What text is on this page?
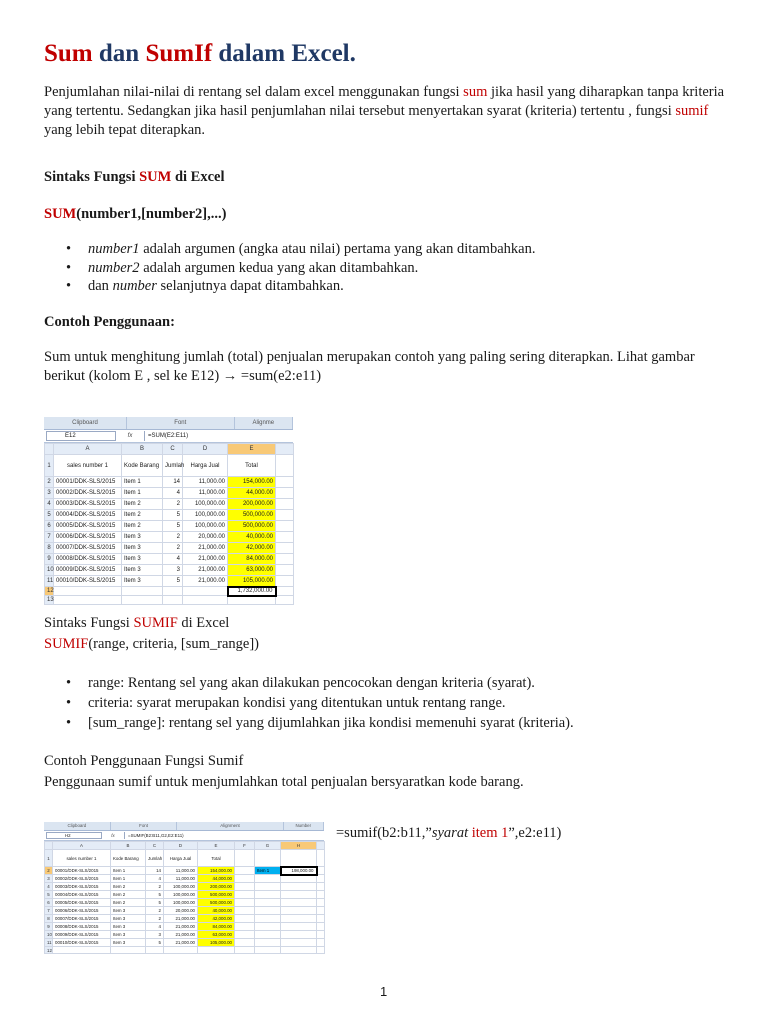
Sum dan SumIf dalam Excel.
Penjumlahan nilai-nilai di rentang sel dalam excel menggunakan fungsi sum jika hasil yang diharapkan tanpa kriteria yang tertentu. Sedangkan jika hasil penjumlahan nilai tersebut menyertakan syarat (kriteria) tertentu , fungsi sumif yang lebih tepat diterapkan.
Sintaks Fungsi SUM di Excel
SUM(number1,[number2],...)
• number1 adalah argumen (angka atau nilai) pertama yang akan ditambahkan.
• number2 adalah argumen kedua yang akan ditambahkan.
• dan number selanjutnya dapat ditambahkan.
Contoh Penggunaan:
Sum untuk menghitung jumlah (total) penjualan merupakan contoh yang paling sering diterapkan. Lihat gambar berikut (kolom E , sel ke E12) → =sum(e2:e11)
Clipboard	Font	Alignme
E12	fx	=SUM(E2:E11)
	A	B	C	D	E	
1	sales number 1	Kode Barang	Jumlah	Harga Jual	Total	
2	00001/DDK-SLS/2015	Item 1	14	11,000.00	154,000.00	
3	00002/DDK-SLS/2015	Item 1	4	11,000.00	44,000.00	
4	00003/DDK-SLS/2015	Item 2	2	100,000.00	200,000.00	
5	00004/DDK-SLS/2015	Item 2	5	100,000.00	500,000.00	
6	00005/DDK-SLS/2015	Item 2	5	100,000.00	500,000.00	
7	00006/DDK-SLS/2015	Item 3	2	20,000.00	40,000.00	
8	00007/DDK-SLS/2015	Item 3	2	21,000.00	42,000.00	
9	00008/DDK-SLS/2015	Item 3	4	21,000.00	84,000.00	
10	00009/DDK-SLS/2015	Item 3	3	21,000.00	63,000.00	
11	00010/DDK-SLS/2015	Item 3	5	21,000.00	105,000.00	
12					1,732,000.00	
13						
Sintaks Fungsi SUMIF di Excel
SUMIF(range, criteria, [sum_range])
• range: Rentang sel yang akan dilakukan pencocokan dengan kriteria (syarat).
• criteria: syarat merupakan kondisi yang ditentukan untuk rentang range.
• [sum_range]: rentang sel yang dijumlahkan jika kondisi memenuhi syarat (kriteria).
Contoh Penggunaan Fungsi Sumif
Penggunaan sumif untuk menjumlahkan total penjualan bersyaratkan kode barang.
=sumif(b2:b11,”syarat item 1”,e2:e11)
Clipboard	Font	Alignment	Number
H2	fx	=SUMIF(B2:B11,G2,E2:E11)
	A	B	C	D	E	F	G	H	
1	sales number 1	Kode Barang	Jumlah	Harga Jual	Total				
2	00001/DDK-SLS/2015	Item 1	14	11,000.00	154,000.00		Item 1	198,000.00	
3	00002/DDK-SLS/2015	Item 1	4	11,000.00	44,000.00				
4	00003/DDK-SLS/2015	Item 2	2	100,000.00	200,000.00				
5	00004/DDK-SLS/2015	Item 2	5	100,000.00	500,000.00				
6	00005/DDK-SLS/2015	Item 2	5	100,000.00	500,000.00				
7	00006/DDK-SLS/2015	Item 3	2	20,000.00	40,000.00				
8	00007/DDK-SLS/2015	Item 3	2	21,000.00	42,000.00				
9	00008/DDK-SLS/2015	Item 3	4	21,000.00	84,000.00				
10	00009/DDK-SLS/2015	Item 3	3	21,000.00	63,000.00				
11	00010/DDK-SLS/2015	Item 3	5	21,000.00	105,000.00				
12									
1
